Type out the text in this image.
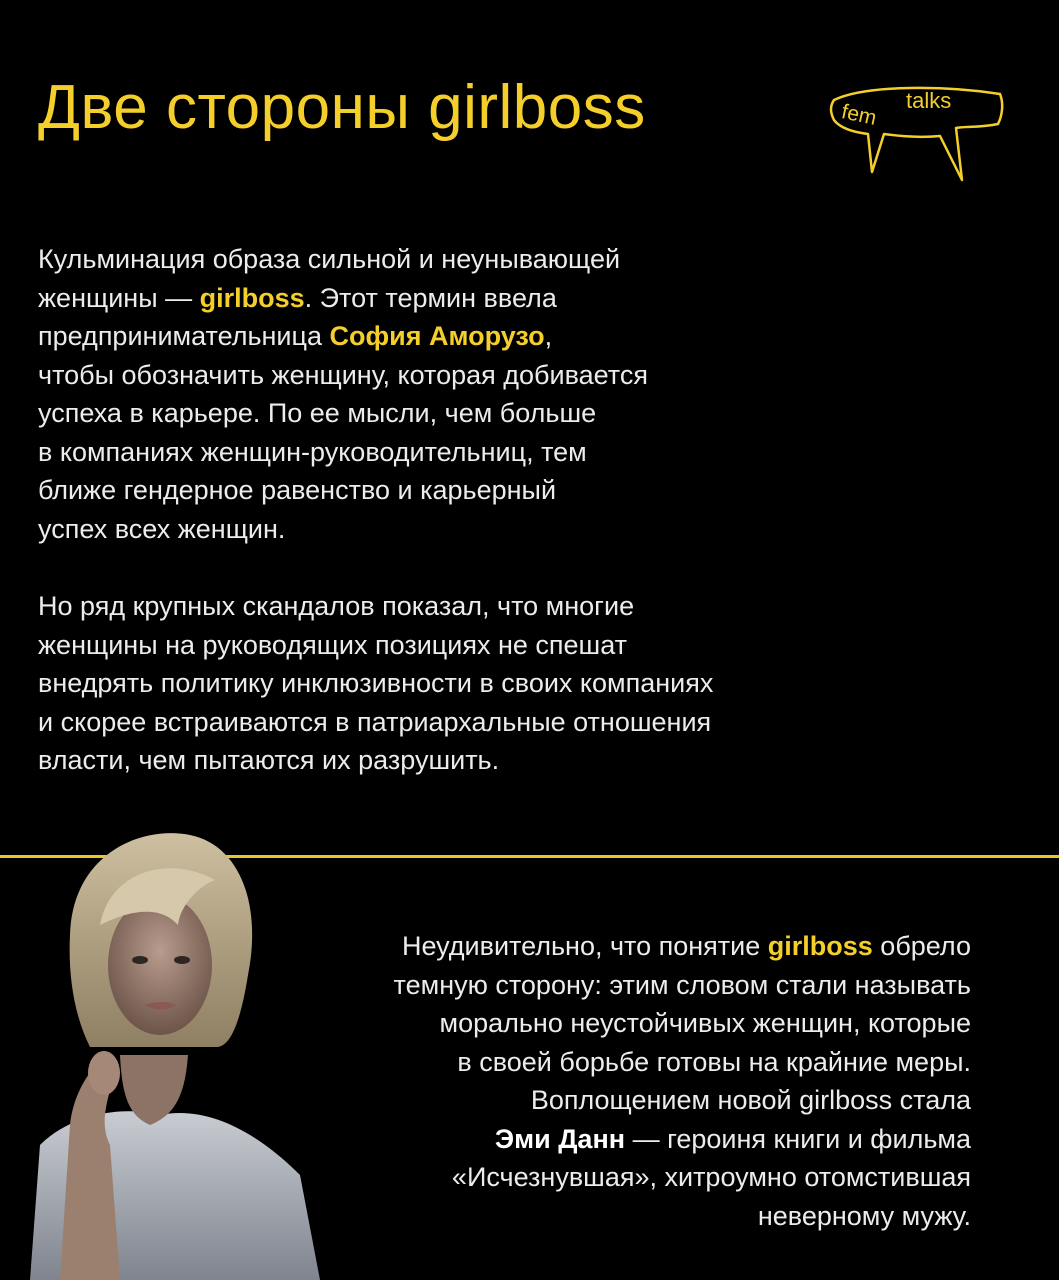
Две стороны girlboss	fem talks

Кульминация образа сильной и неунывающей
женщины — girlboss. Этот термин ввела
предпринимательница София Аморузо,
чтобы обозначить женщину, которая добивается
успеха в карьере. По ее мысли, чем больше
в компаниях женщин-руководительниц, тем
ближе гендерное равенство и карьерный
успех всех женщин.

Но ряд крупных скандалов показал, что многие
женщины на руководящих позициях не спешат
внедрять политику инклюзивности в своих компаниях
и скорее встраиваются в патриархальные отношения
власти, чем пытаются их разрушить.

Неудивительно, что понятие girlboss обрело
темную сторону: этим словом стали называть
морально неустойчивых женщин, которые
в своей борьбе готовы на крайние меры.
Воплощением новой girlboss стала
Эми Данн — героиня книги и фильма
«Исчезнувшая», хитроумно отомстившая
неверному мужу.
